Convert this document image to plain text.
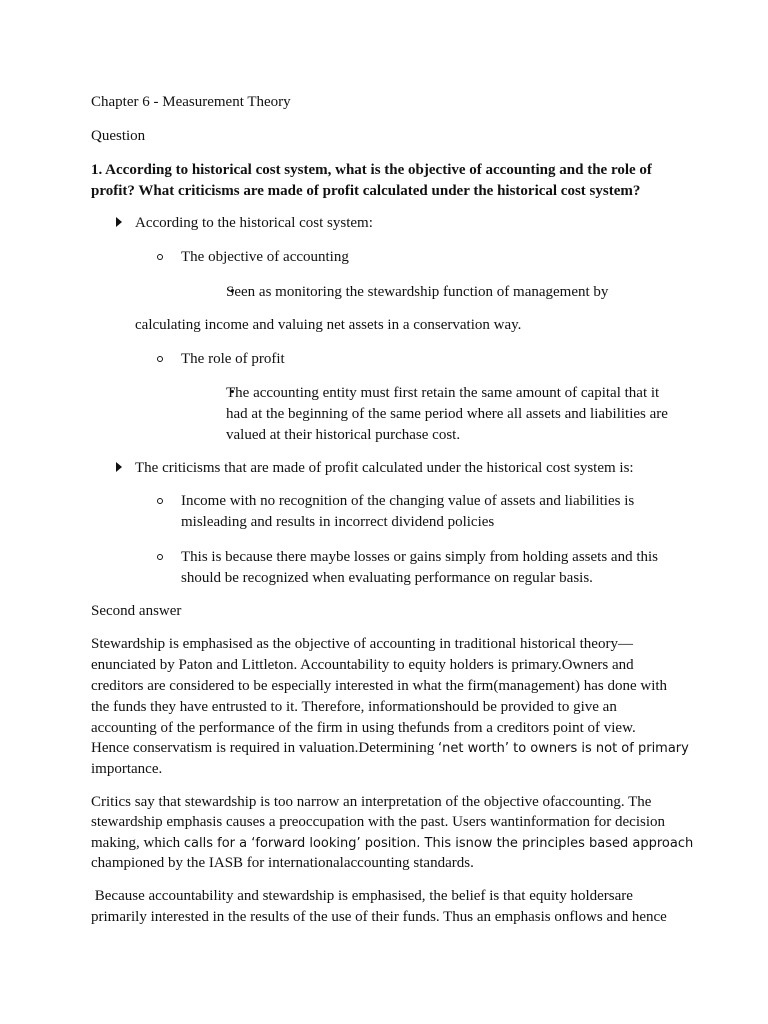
Chapter 6 - Measurement Theory
Question
1. According to historical cost system, what is the objective of accounting and the role of
profit? What criticisms are made of profit calculated under the historical cost system?
According to the historical cost system:
The objective of accounting
Seen as monitoring the stewardship function of management by
calculating income and valuing net assets in a conservation way.
The role of profit
The accounting entity must first retain the same amount of capital that it
had at the beginning of the same period where all assets and liabilities are
valued at their historical purchase cost.
The criticisms that are made of profit calculated under the historical cost system is:
Income with no recognition of the changing value of assets and liabilities is
misleading and results in incorrect dividend policies
This is because there maybe losses or gains simply from holding assets and this
should be recognized when evaluating performance on regular basis.
Second answer
Stewardship is emphasised as the objective of accounting in traditional historical theory—
enunciated by Paton and Littleton. Accountability to equity holders is primary.Owners and
creditors are considered to be especially interested in what the firm(management) has done with
the funds they have entrusted to it. Therefore, informationshould be provided to give an
accounting of the performance of the firm in using thefunds from a creditors point of view.
Hence conservatism is required in valuation.Determining ‘net worth’ to owners is not of primary
importance.
Critics say that stewardship is too narrow an interpretation of the objective ofaccounting. The
stewardship emphasis causes a preoccupation with the past. Users wantinformation for decision
making, which calls for a ‘forward looking’ position. This isnow the principles based approach
championed by the IASB for internationalaccounting standards.
Because accountability and stewardship is emphasised, the belief is that equity holdersare
primarily interested in the results of the use of their funds. Thus an emphasis onflows and hence
